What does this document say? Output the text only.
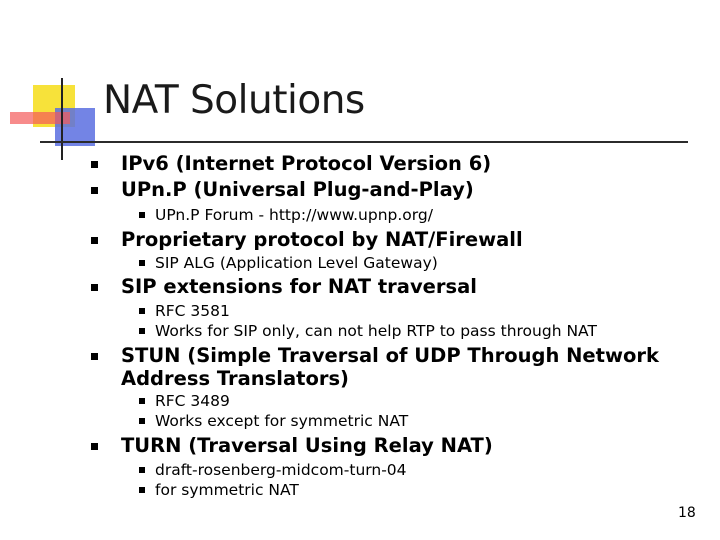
NAT Solutions
IPv6 (Internet Protocol Version 6)
UPn.P (Universal Plug-and-Play)
UPn.P Forum - http://www.upnp.org/
Proprietary protocol by NAT/Firewall
SIP ALG (Application Level Gateway)
SIP extensions for NAT traversal
RFC 3581
Works for SIP only, can not help RTP to pass through NAT
STUN (Simple Traversal of UDP Through Network
Address Translators)
RFC 3489
Works except for symmetric NAT
TURN (Traversal Using Relay NAT)
draft-rosenberg-midcom-turn-04
for symmetric NAT
18
